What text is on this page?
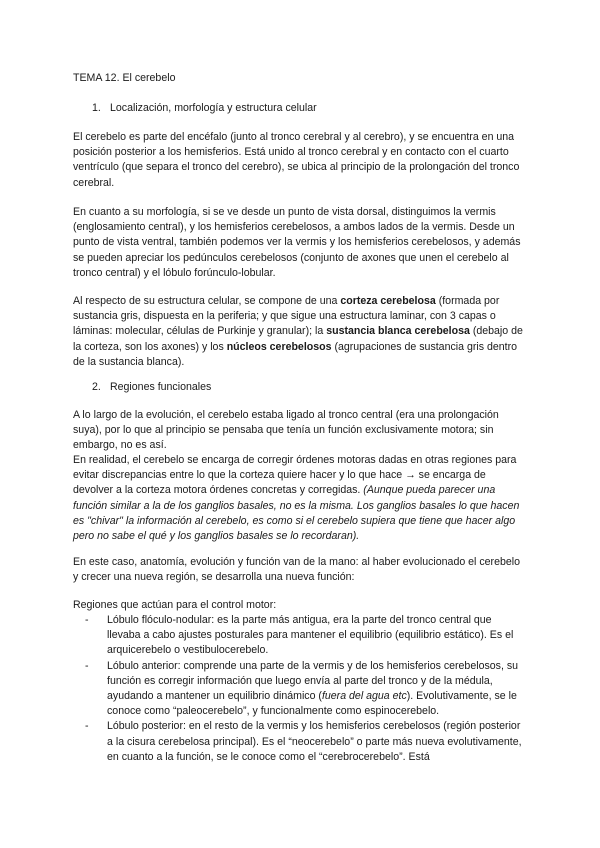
TEMA 12. El cerebelo
1. Localización, morfología y estructura celular

El cerebelo es parte del encéfalo (junto al tronco cerebral y al cerebro), y se encuentra en una posición posterior a los hemisferios. Está unido al tronco cerebral y en contacto con el cuarto ventrículo (que separa el tronco del cerebro), se ubica al principio de la prolongación del tronco cerebral.

En cuanto a su morfología, si se ve desde un punto de vista dorsal, distinguimos la vermis (englosamiento central), y los hemisferios cerebelosos, a ambos lados de la vermis. Desde un punto de vista ventral, también podemos ver la vermis y los hemisferios cerebelosos, y además se pueden apreciar los pedúnculos cerebelosos (conjunto de axones que unen el cerebelo al tronco central) y el lóbulo forúnculo-lobular.

Al respecto de su estructura celular, se compone de una corteza cerebelosa (formada por sustancia gris, dispuesta en la periferia; y que sigue una estructura laminar, con 3 capas o láminas: molecular, células de Purkinje y granular); la sustancia blanca cerebelosa (debajo de la corteza, son los axones) y los núcleos cerebelosos (agrupaciones de sustancia gris dentro de la sustancia blanca).

2. Regiones funcionales

A lo largo de la evolución, el cerebelo estaba ligado al tronco central (era una prolongación suya), por lo que al principio se pensaba que tenía un función exclusivamente motora; sin embargo, no es así.

En realidad, el cerebelo se encarga de corregir órdenes motoras dadas en otras regiones para evitar discrepancias entre lo que la corteza quiere hacer y lo que hace → se encarga de devolver a la corteza motora órdenes concretas y corregidas. (Aunque pueda parecer una función similar a la de los ganglios basales, no es la misma. Los ganglios basales lo que hacen es "chivar" la información al cerebelo, es como si el cerebelo supiera que tiene que hacer algo pero no sabe el qué y los ganglios basales se lo recordaran).

En este caso, anatomía, evolución y función van de la mano: al haber evolucionado el cerebelo y crecer una nueva región, se desarrolla una nueva función:

Regiones que actúan para el control motor:

- Lóbulo flóculo-nodular: es la parte más antigua, era la parte del tronco central que llevaba a cabo ajustes posturales para mantener el equilibrio (equilibrio estático). Es el arquicerebelo o vestibulocerebelo.
- Lóbulo anterior: comprende una parte de la vermis y de los hemisferios cerebelosos, su función es corregir información que luego envía al parte del tronco y de la médula, ayudando a mantener un equilibrio dinámico (fuera del agua etc). Evolutivamente, se le conoce como “paleocerebelo”, y funcionalmente como espinocerebelo.
- Lóbulo posterior: en el resto de la vermis y los hemisferios cerebelosos (región posterior a la cisura cerebelosa principal). Es el “neocerebelo” o parte más nueva evolutivamente, en cuanto a la función, se le conoce como el “cerebrocerebelo”. Está
